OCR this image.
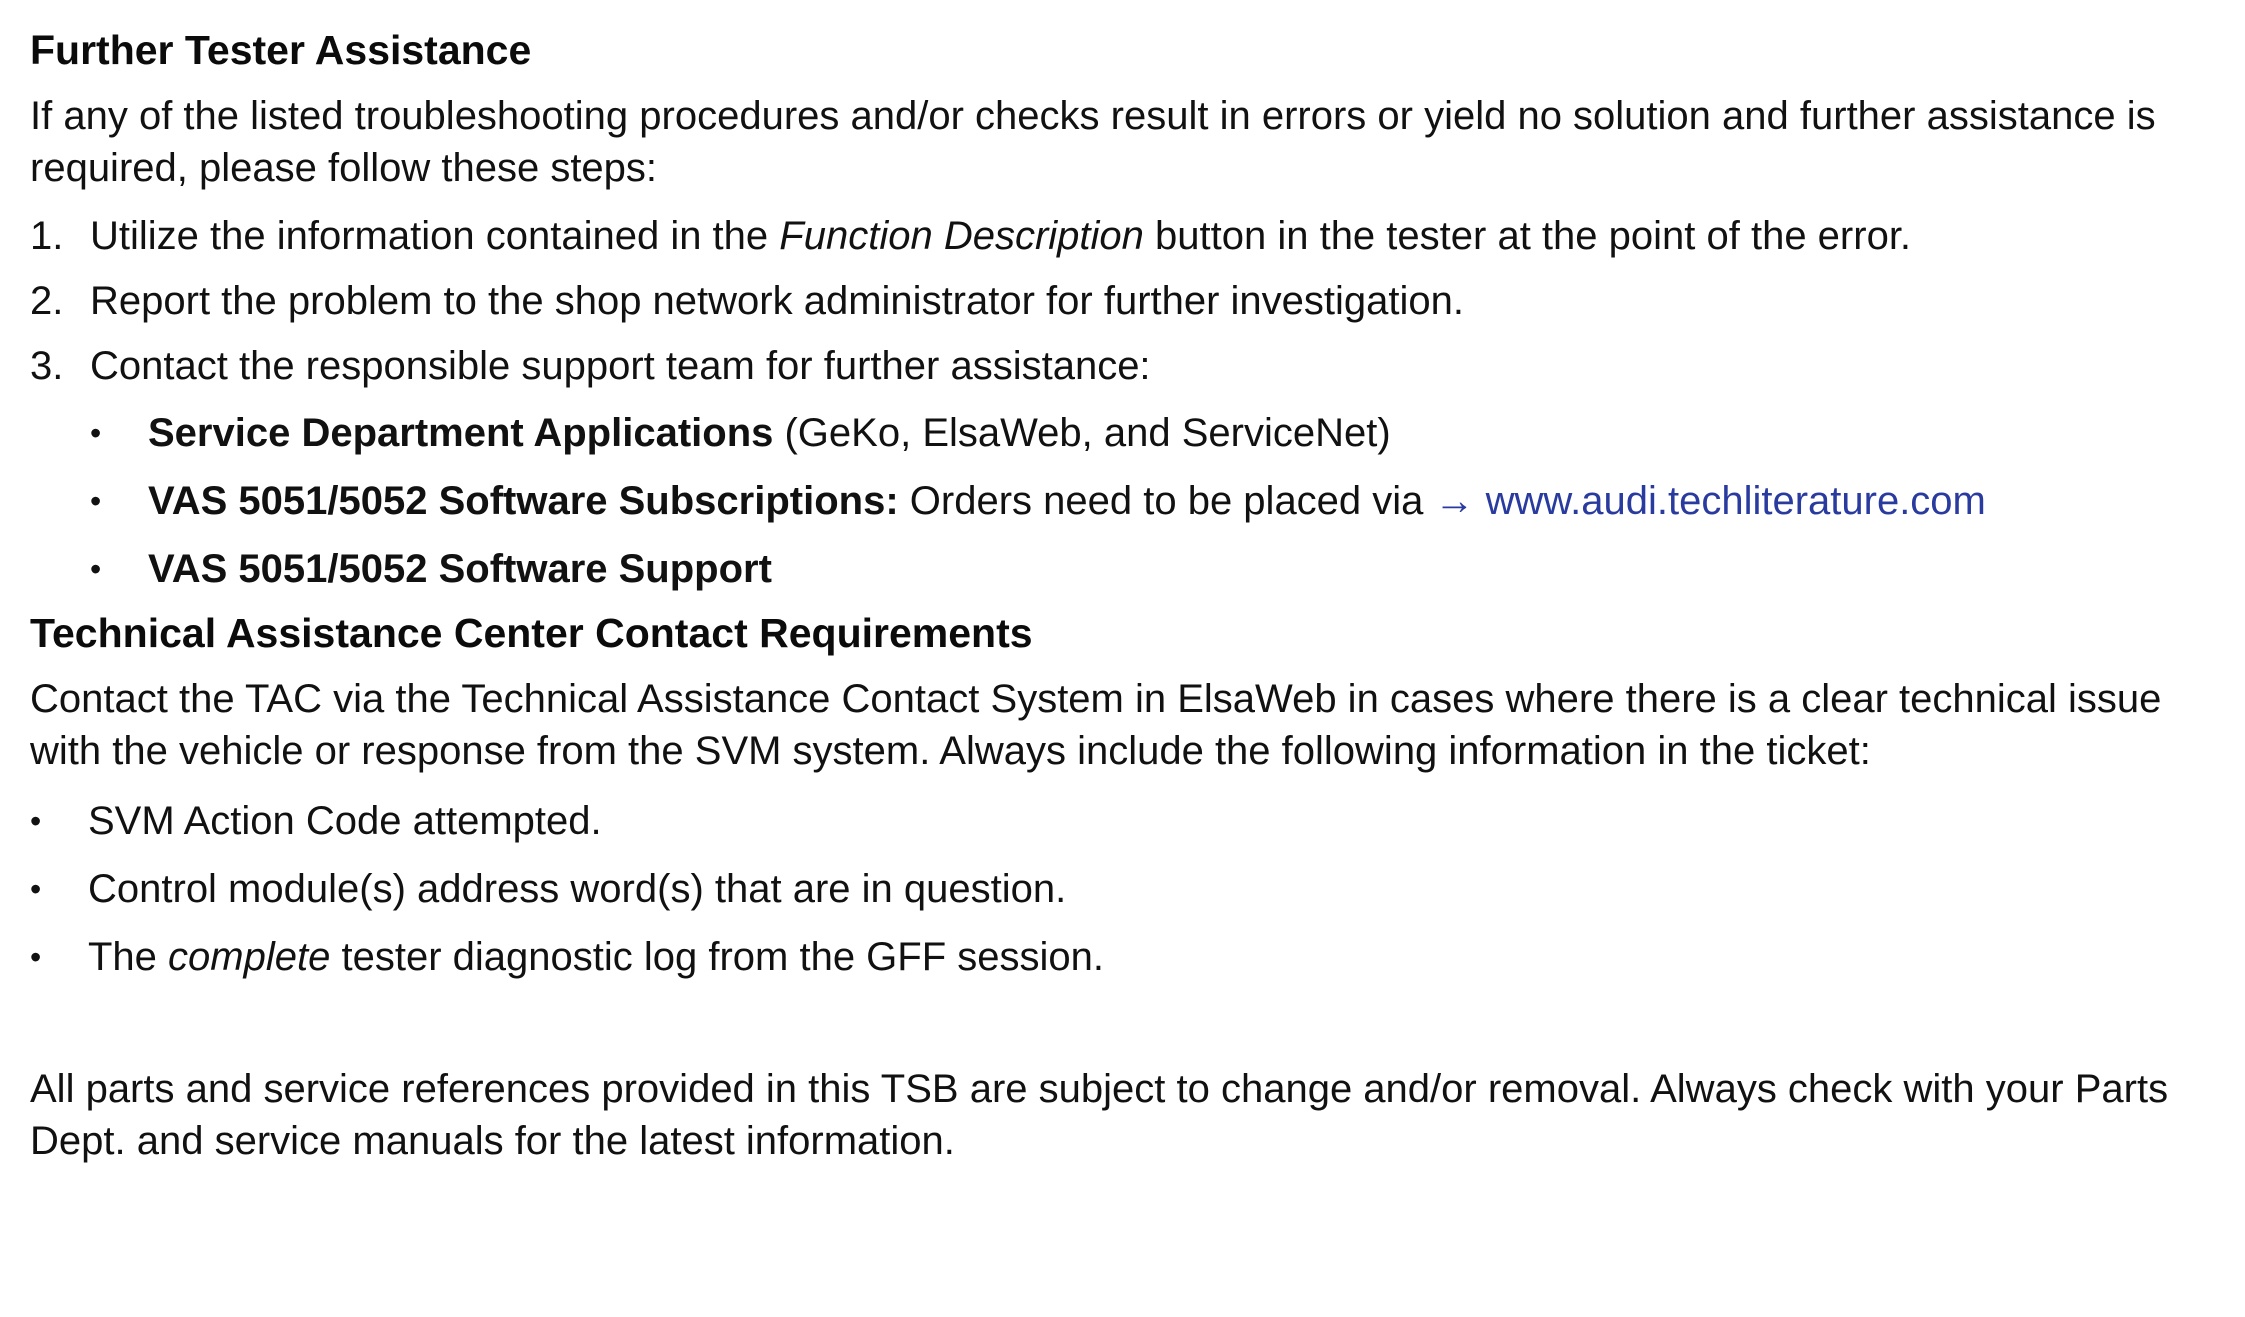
Further Tester Assistance

If any of the listed troubleshooting procedures and/or checks result in errors or yield no solution and further assistance is required, please follow these steps:

1. Utilize the information contained in the Function Description button in the tester at the point of the error.
2. Report the problem to the shop network administrator for further investigation.
3. Contact the responsible support team for further assistance:
• Service Department Applications (GeKo, ElsaWeb, and ServiceNet)
• VAS 5051/5052 Software Subscriptions: Orders need to be placed via → www.audi.techliterature.com
• VAS 5051/5052 Software Support
Technical Assistance Center Contact Requirements

Contact the TAC via the Technical Assistance Contact System in ElsaWeb in cases where there is a clear technical issue with the vehicle or response from the SVM system. Always include the following information in the ticket:

• SVM Action Code attempted.
• Control module(s) address word(s) that are in question.
• The complete tester diagnostic log from the GFF session.

All parts and service references provided in this TSB are subject to change and/or removal. Always check with your Parts Dept. and service manuals for the latest information.
